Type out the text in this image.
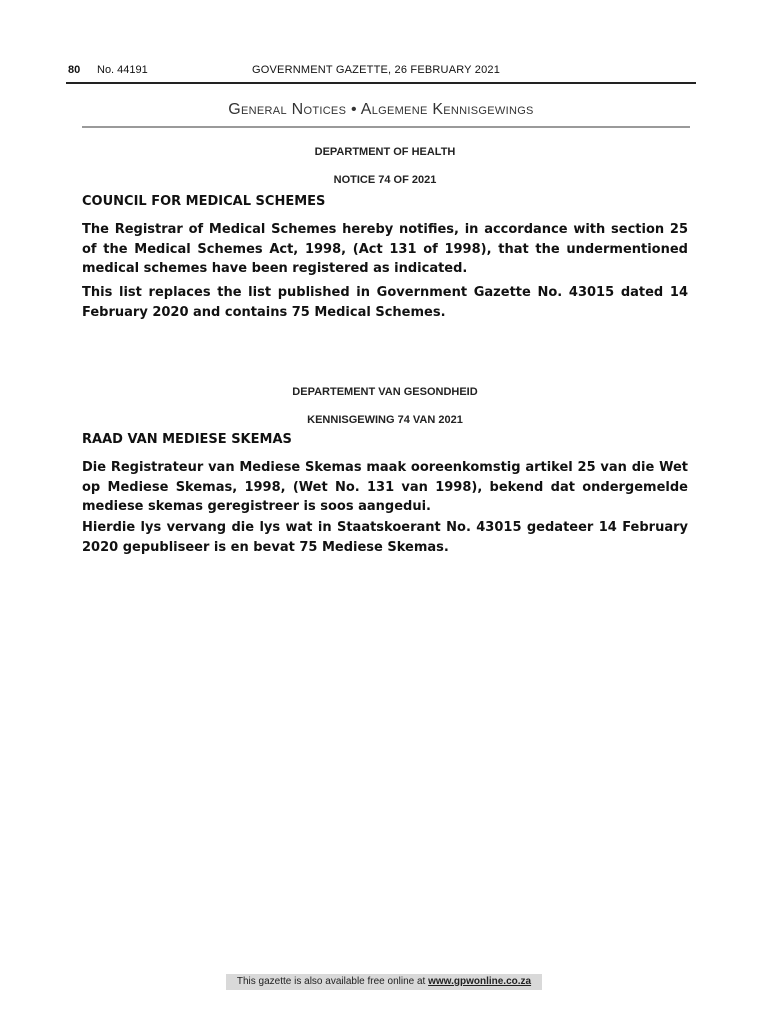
80 No. 44191	GOVERNMENT GAZETTE, 26 FEBRUARY 2021
General Notices • Algemene Kennisgewings
DEPARTMENT OF HEALTH
NOTICE 74 OF 2021
COUNCIL FOR MEDICAL SCHEMES

The Registrar of Medical Schemes hereby notifies, in accordance with section 25 of the Medical Schemes Act, 1998, (Act 131 of 1998), that the undermentioned medical schemes have been registered as indicated.

This list replaces the list published in Government Gazette No. 43015 dated 14 February 2020 and contains 75 Medical Schemes.

DEPARTEMENT VAN GESONDHEID
KENNISGEWING 74 VAN 2021
RAAD VAN MEDIESE SKEMAS

Die Registrateur van Mediese Skemas maak ooreenkomstig artikel 25 van die Wet op Mediese Skemas, 1998, (Wet No. 131 van 1998), bekend dat ondergemelde mediese skemas geregistreer is soos aangedui.

Hierdie lys vervang die lys wat in Staatskoerant No. 43015 gedateer 14 February 2020 gepubliseer is en bevat 75 Mediese Skemas.

This gazette is also available free online at www.gpwonline.co.za
